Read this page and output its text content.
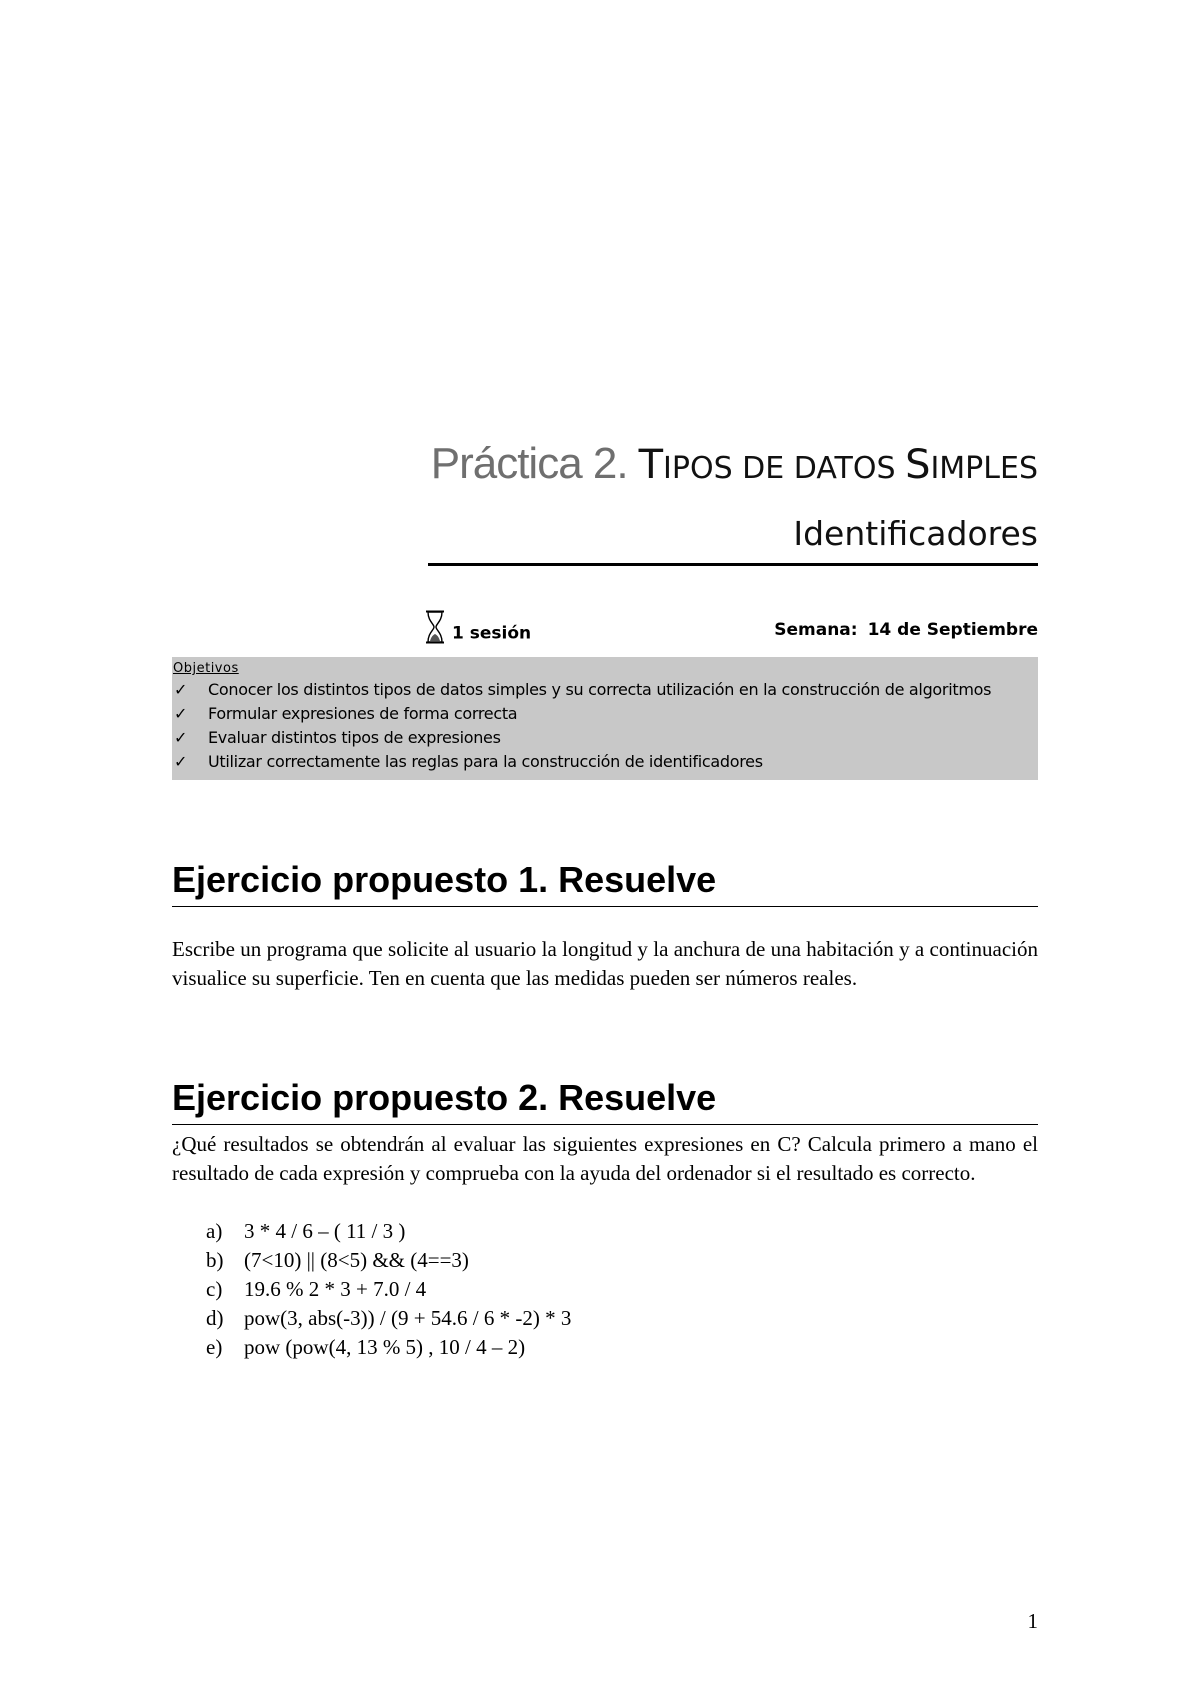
Práctica 2. TIPOS DE DATOS SIMPLES
Identificadores
1 sesión	Semana: 14 de Septiembre
Objetivos
✓ Conocer los distintos tipos de datos simples y su correcta utilización en la construcción de algoritmos
✓ Formular expresiones de forma correcta
✓ Evaluar distintos tipos de expresiones
✓ Utilizar correctamente las reglas para la construcción de identificadores
Ejercicio propuesto 1. Resuelve

Escribe un programa que solicite al usuario la longitud y la anchura de una habitación y a continuación visualice su superficie. Ten en cuenta que las medidas pueden ser números reales.

Ejercicio propuesto 2. Resuelve

¿Qué resultados se obtendrán al evaluar las siguientes expresiones en C? Calcula primero a mano el resultado de cada expresión y comprueba con la ayuda del ordenador si el resultado es correcto.

a) 3 * 4 / 6 – ( 11 / 3 )
b) (7<10) || (8<5) && (4==3)
c) 19.6 % 2 * 3 + 7.0 / 4
d) pow(3, abs(-3)) / (9 + 54.6 / 6 * -2) * 3
e) pow (pow(4, 13 % 5) , 10 / 4 – 2)
1
